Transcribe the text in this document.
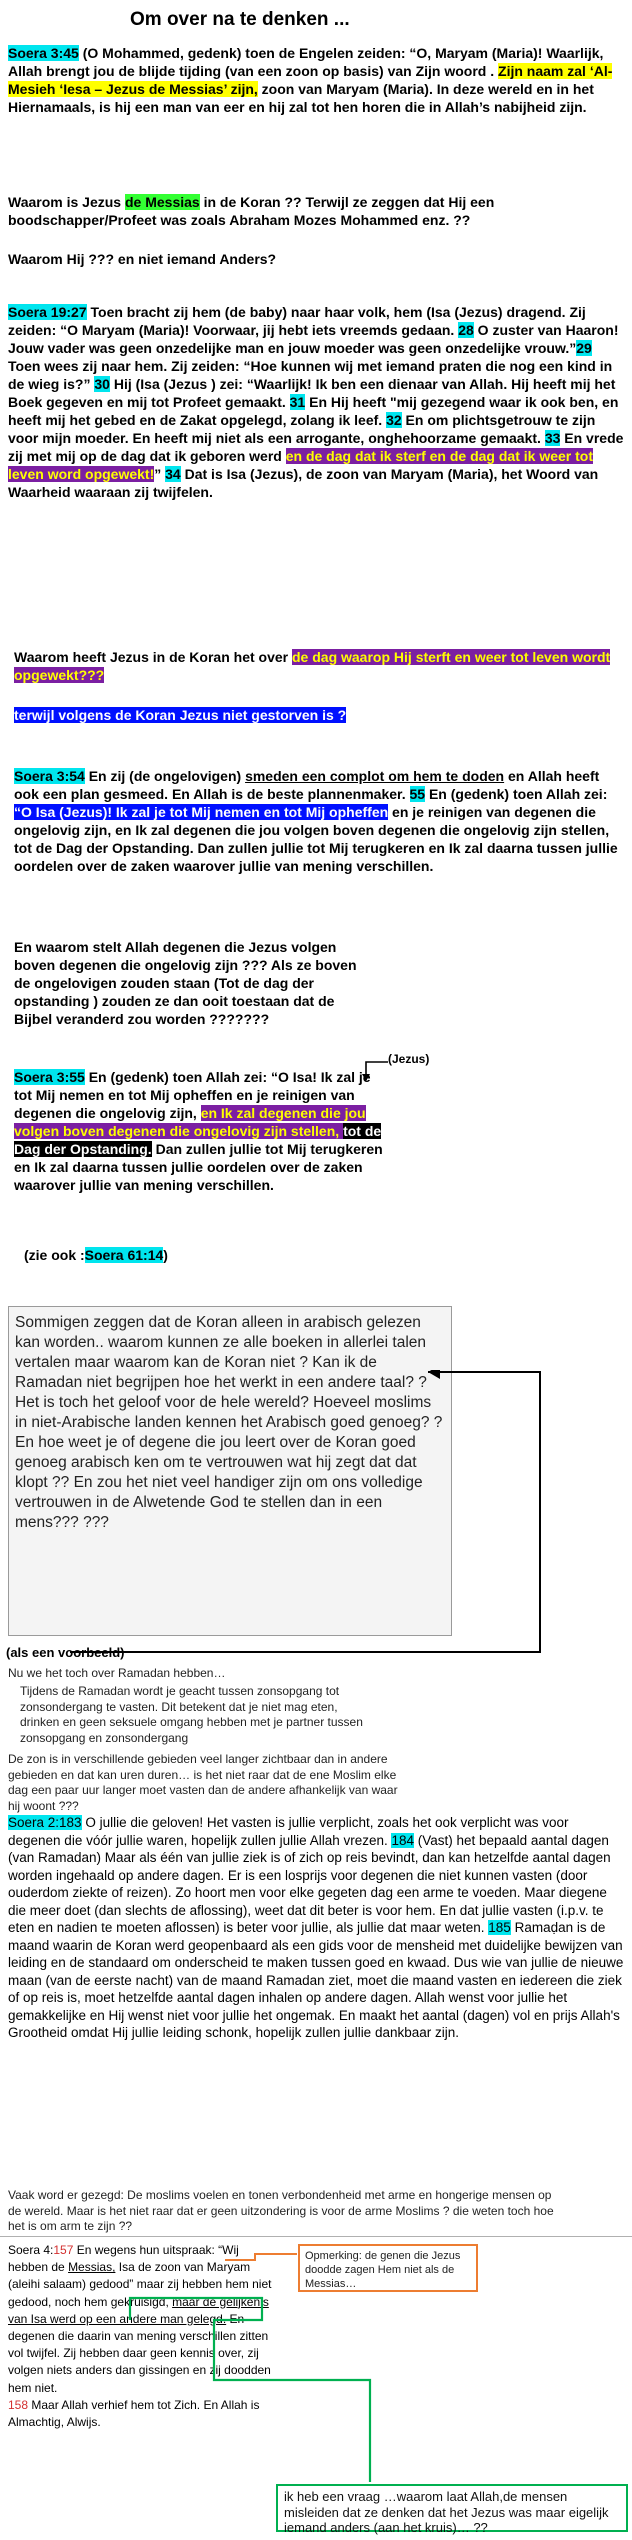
Om over na te denken ...
Soera 3:45 (O Mohammed, gedenk) toen de Engelen zeiden: “O, Maryam (Maria)! Waarlijk, Allah brengt jou de blijde tijding (van een zoon op basis) van Zijn woord . Zijn naam zal ‘Al-Mesieh ‘Iesa – Jezus de Messias’ zijn, zoon van Maryam (Maria). In deze wereld en in het Hiernamaals, is hij een man van eer en hij zal tot hen horen die in Allah’s nabijheid zijn.
Waarom is Jezus de Messias in de Koran ?? Terwijl ze zeggen dat Hij een boodschapper/Profeet was zoals Abraham Mozes Mohammed enz. ??
Waarom Hij ??? en niet iemand Anders?
Soera 19:27 Toen bracht zij hem (de baby) naar haar volk, hem (Isa (Jezus) dragend. Zij zeiden: “O Maryam (Maria)! Voorwaar, jij hebt iets vreemds gedaan. 28 O zuster van Haaron! Jouw vader was geen onzedelijke man en jouw moeder was geen onzedelijke vrouw.”29 Toen wees zij naar hem. Zij zeiden: “Hoe kunnen wij met iemand praten die nog een kind in de wieg is?” 30 Hij (Isa (Jezus ) zei: “Waarlijk! Ik ben een dienaar van Allah. Hij heeft mij het Boek gegeven en mij tot Profeet gemaakt. 31 En Hij heeft "mij gezegend waar ik ook ben, en heeft mij het gebed en de Zakat opgelegd, zolang ik leef. 32 En om plichtsgetrouw te zijn voor mijn moeder. En heeft mij niet als een arrogante, onghehoorzame gemaakt. 33 En vrede zij met mij op de dag dat ik geboren werd en de dag dat ik sterf en de dag dat ik weer tot leven word opgewekt!” 34 Dat is Isa (Jezus), de zoon van Maryam (Maria), het Woord van Waarheid waaraan zij twijfelen.
Waarom heeft Jezus in de Koran het over de dag waarop Hij sterft en weer tot leven wordt opgewekt???
terwijl volgens de Koran Jezus niet gestorven is ?
Soera 3:54 En zij (de ongelovigen) smeden een complot om hem te doden en Allah heeft ook een plan gesmeed. En Allah is de beste plannenmaker. 55 En (gedenk) toen Allah zei: “O Isa (Jezus)! Ik zal je tot Mij nemen en tot Mij opheffen en je reinigen van degenen die ongelovig zijn, en Ik zal degenen die jou volgen boven degenen die ongelovig zijn stellen, tot de Dag der Opstanding. Dan zullen jullie tot Mij terugkeren en Ik zal daarna tussen jullie oordelen over de zaken waarover jullie van mening verschillen.
En waarom stelt Allah degenen die Jezus volgen boven degenen die ongelovig zijn ??? Als ze boven de ongelovigen zouden staan (Tot de dag der opstanding ) zouden ze dan ooit toestaan dat de Bijbel veranderd zou worden ???????
(Jezus)
Soera 3:55 En (gedenk) toen Allah zei: “O Isa! Ik zal je tot Mij nemen en tot Mij opheffen en je reinigen van degenen die ongelovig zijn, en Ik zal degenen die jou volgen boven degenen die ongelovig zijn stellen, tot de Dag der Opstanding. Dan zullen jullie tot Mij terugkeren en Ik zal daarna tussen jullie oordelen over de zaken waarover jullie van mening verschillen.
(zie ook :Soera 61:14)
Sommigen zeggen dat de Koran alleen in arabisch gelezen kan worden.. waarom kunnen ze alle boeken in allerlei talen vertalen maar waarom kan de Koran niet ? Kan ik de Ramadan niet begrijpen hoe het werkt in een andere taal? ? Het is toch het geloof voor de hele wereld? Hoeveel moslims in niet-Arabische landen kennen het Arabisch goed genoeg? ? En hoe weet je of degene die jou leert over de Koran goed genoeg arabisch ken om te vertrouwen wat hij zegt dat dat klopt ?? En zou het niet veel handiger zijn om ons volledige vertrouwen in de Alwetende God te stellen dan in een mens??? ???
(als een voorbeeld)
Nu we het toch over Ramadan hebben…
Tijdens de Ramadan wordt je geacht tussen zonsopgang tot zonsondergang te vasten. Dit betekent dat je niet mag eten, drinken en geen seksuele omgang hebben met je partner tussen zonsopgang en zonsondergang
De zon is in verschillende gebieden veel langer zichtbaar dan in andere gebieden en dat kan uren duren… is het niet raar dat de ene Moslim elke dag een paar uur langer moet vasten dan de andere afhankelijk van waar hij woont ???
Soera 2:183 O jullie die geloven! Het vasten is jullie verplicht, zoals het ook verplicht was voor degenen die vóór jullie waren, hopelijk zullen jullie Allah vrezen. 184 (Vast) het bepaald aantal dagen (van Ramadan) Maar als één van jullie ziek is of zich op reis bevindt, dan kan hetzelfde aantal dagen worden ingehaald op andere dagen. Er is een losprijs voor degenen die niet kunnen vasten (door ouderdom ziekte of reizen). Zo hoort men voor elke gegeten dag een arme te voeden. Maar diegene die meer doet (dan slechts de aflossing), weet dat dit beter is voor hem. En dat jullie vasten (i.p.v. te eten en nadien te moeten aflossen) is beter voor jullie, als jullie dat maar weten. 185 Ramaḍan is de maand waarin de Koran werd geopenbaard als een gids voor de mensheid met duidelijke bewijzen van leiding en de standaard om onderscheid te maken tussen goed en kwaad. Dus wie van jullie de nieuwe maan (van de eerste nacht) van de maand Ramadan ziet, moet die maand vasten en iedereen die ziek of op reis is, moet hetzelfde aantal dagen inhalen op andere dagen. Allah wenst voor jullie het gemakkelijke en Hij wenst niet voor jullie het ongemak. En maakt het aantal (dagen) vol en prijs Allah's Grootheid omdat Hij jullie leiding schonk, hopelijk zullen jullie dankbaar zijn.
Vaak word er gezegd: De moslims voelen en tonen verbondenheid met arme en hongerige mensen op de wereld. Maar is het niet raar dat er geen uitzondering is voor de arme Moslims ? die weten toch hoe het is om arm te zijn ??
Soera 4:157 En wegens hun uitspraak: “Wij hebben de Messias, Isa de zoon van Maryam (aleihi salaam) gedood” maar zij hebben hem niet gedood, noch hem gekruisigd, maar de gelijkenis van Isa werd op een andere man gelegd. En degenen die daarin van mening verschillen zitten vol twijfel. Zij hebben daar geen kennis over, zij volgen niets anders dan gissingen en zij doodden hem niet.
158 Maar Allah verhief hem tot Zich. En Allah is Almachtig, Alwijs.
Opmerking: de genen die Jezus doodde zagen Hem niet als de Messias…
ik heb een vraag …waarom laat Allah,de mensen misleiden dat ze denken dat het Jezus was maar eigelijk iemand anders (aan het kruis)… ??
